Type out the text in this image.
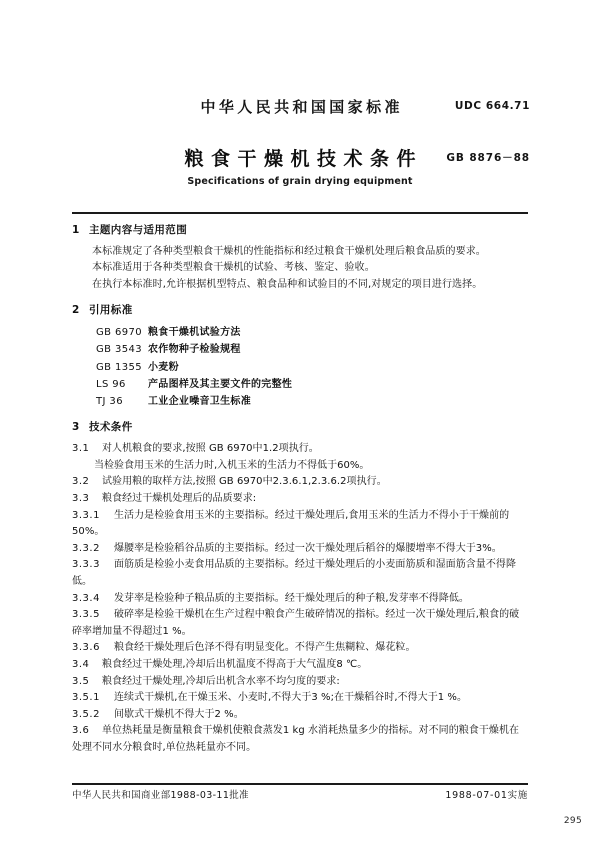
中华人民共和国国家标准	UDC 664.71
粮食干燥机技术条件	GB 8876－88
Specifications of grain drying equipment
1 主题内容与适用范围

本标准规定了各种类型粮食干燥机的性能指标和经过粮食干燥机处理后粮食品质的要求。

本标准适用于各种类型粮食干燥机的试验、考核、鉴定、验收。

在执行本标准时,允许根据机型特点、粮食品种和试验目的不同,对规定的项目进行选择。

2 引用标准
GB 6970 粮食干燥机试验方法
GB 3543 农作物种子检验规程
GB 1355 小麦粉
LS 96 产品图样及其主要文件的完整性
TJ 36	工业企业噪音卫生标准
3 技术条件

3.1 对人机粮食的要求,按照 GB 6970中1.2项执行。

当检验食用玉米的生活力时,入机玉米的生活力不得低于60%。

3.2 试验用粮的取样方法,按照 GB 6970中2.3.6.1,2.3.6.2项执行。

3.3 粮食经过干燥机处理后的品质要求:

3.3.1 生活力是检验食用玉米的主要指标。经过干燥处理后,食用玉米的生活力不得小于干燥前的50%。

3.3.2 爆腰率是检验稻谷品质的主要指标。经过一次干燥处理后稻谷的爆腰增率不得大于3%。

3.3.3 面筋质是检验小麦食用品质的主要指标。经过干燥处理后的小麦面筋质和湿面筋含量不得降低。

3.3.4 发芽率是检验种子粮品质的主要指标。经干燥处理后的种子粮,发芽率不得降低。

3.3.5 破碎率是检验干燥机在生产过程中粮食产生破碎情况的指标。经过一次干燥处理后,粮食的破碎率增加量不得超过1 %。

3.3.6 粮食经干燥处理后色泽不得有明显变化。不得产生焦糊粒、爆花粒。

3.4 粮食经过干燥处理,冷却后出机温度不得高于大气温度8 ℃。

3.5 粮食经过干燥处理,冷却后出机含水率不均匀度的要求:

3.5.1 连续式干燥机,在干燥玉米、小麦时,不得大于3 %;在干燥稻谷时,不得大于1 %。

3.5.2 间歇式干燥机不得大于2 %。

3.6 单位热耗量是衡量粮食干燥机使粮食蒸发1 kg 水消耗热量多少的指标。对不同的粮食干燥机在处理不同水分粮食时,单位热耗量亦不同。

中华人民共和国商业部1988-03-11批准	1988-07-01实施
295
